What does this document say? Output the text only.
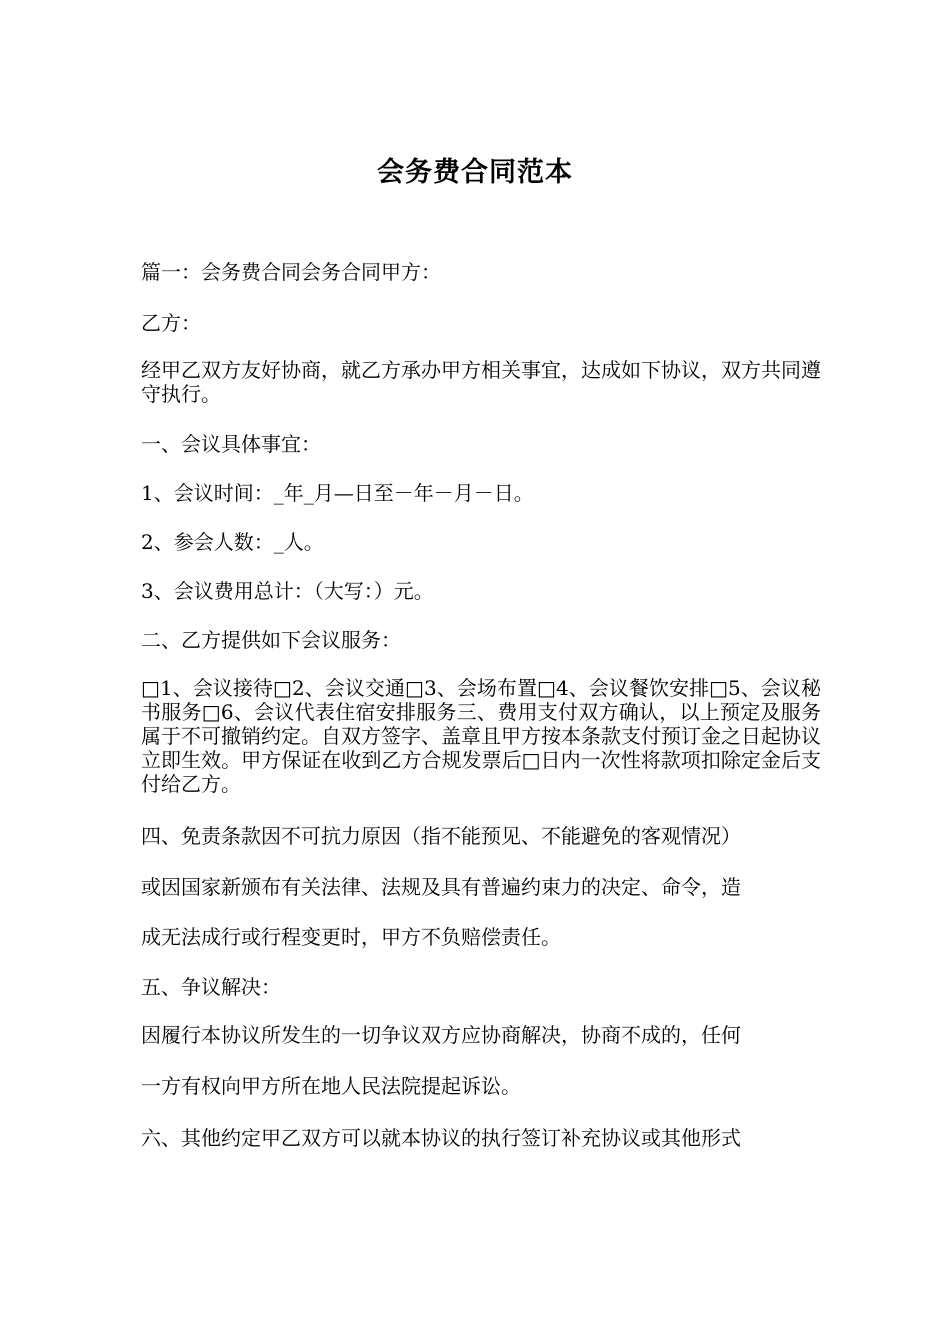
会务费合同范本

篇一：会务费合同会务合同甲方：

乙方：

经甲乙双方友好协商，就乙方承办甲方相关事宜，达成如下协议，双方共同遵守执行。

一、会议具体事宜：

1、会议时间：_年_月—日至－年－月－日。

2、参会人数：_人。

3、会议费用总计：（大写：）元。

二、乙方提供如下会议服务：

□1、会议接待□2、会议交通□3、会场布置□4、会议餐饮安排□5、会议秘书服务□6、会议代表住宿安排服务三、费用支付双方确认，以上预定及服务属于不可撤销约定。自双方签字、盖章且甲方按本条款支付预订金之日起协议立即生效。甲方保证在收到乙方合规发票后□日内一次性将款项扣除定金后支付给乙方。

四、免责条款因不可抗力原因（指不能预见、不能避免的客观情况）

或因国家新颁布有关法律、法规及具有普遍约束力的决定、命令，造

成无法成行或行程变更时，甲方不负赔偿责任。

五、争议解决：

因履行本协议所发生的一切争议双方应协商解决，协商不成的，任何

一方有权向甲方所在地人民法院提起诉讼。

六、其他约定甲乙双方可以就本协议的执行签订补充协议或其他形式
